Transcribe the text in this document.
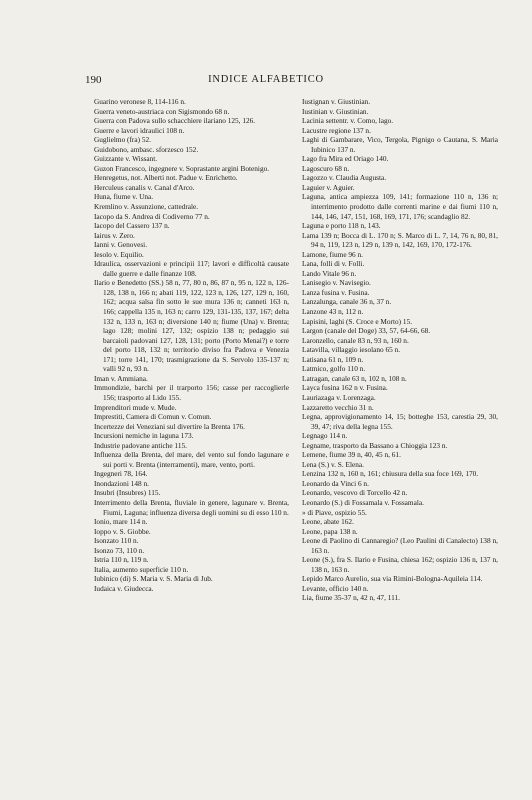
190	INDICE ALFABETICO
Guarino veronese 8, 114-116 n.
Guerra veneto-austriaca con Sigismondo 68 n.
Guerra con Padova sullo schacchiere ilariano 125, 126.
Guerre e lavori idraulici 108 n.
Guglielmo (fra) 52.
Guidobono, ambasc. sforzesco 152.
Guizzante v. Wissant.
Guzon Francesco, ingegnere v. Soprastante argini Botenigo.
Henregetus, not. Alberti not. Padue v. Enrichetto.
Herculeus canalis v. Canal d'Arco.
Huna, fiume v. Una.
Kremlino v. Assunzione, cattedrale.
Iacopo da S. Andrea di Codiverno 77 n.
Iacopo del Cassero 137 n.
Iairus v. Zero.
Ianni v. Genovesi.
Iesolo v. Equilio.
Idraulica, osservazioni e principii 117; lavori e difficoltà causate dalle guerre e dalle finanze 108.
Ilario e Benedetto (SS.) 58 n, 77, 80 n, 86, 87 n, 95 n, 122 n, 126-128, 138 n, 166 n; abati 119, 122, 123 n, 126, 127, 129 n, 160, 162; acqua salsa fin sotto le sue mura 136 n; canneti 163 n, 166; cappella 135 n, 163 n; carro 129, 131-135, 137, 167; delta 132 n, 133 n, 163 n; diversione 140 n; fiume (Una) v. Brenta; lago 128; molini 127, 132; ospizio 138 n; pedaggio sui barcaioli padovani 127, 128, 131; porto (Porto Menai?) e torre del porto 118, 132 n; territorio diviso fra Padova e Venezia 171; torre 141, 170; trasmigrazione da S. Servolo 135-137 n; valli 92 n, 93 n.
Iman v. Ammiana.
Immondizie, barchi per il trarporto 156; casse per raccoglierle 156; trasporto al Lido 155.
Imprenditori mude v. Mude.
Imprestiti, Camera di Comun v. Comun.
Incertezze dei Veneziani sul divertire la Brenta 176.
Incursioni nemiche in laguna 173.
Industrie padovane antiche 115.
Influenza della Brenta, del mare, del vento sul fondo lagunare e sui porti v. Brenta (interramenti), mare, vento, porti.
Ingegneri 78, 164.
Inondazioni 148 n.
Insubri (Insubres) 115.
Interrimento della Brenta, fluviale in genere, lagunare v. Brenta, Fiumi, Laguna; influenza diversa degli uomini su di esso 110 n.
Ionio, mare 114 n.
Ioppo v. S. Giobbe.
Isonzato 110 n.
Isonzo 73, 110 n.
Istria 110 n, 119 n.
Italia, aumento superficie 110 n.
Iubinico (di) S. Maria v. S. Maria di Jub.
Iudaica v. Giudecca.
Iustignan v. Giustinian.
Iustinian v. Giustinian.
Lacinia settentr. v. Como, lago.
Lacustre regione 137 n.
Laghi di Gambarare, Vico, Tergola, Pignigo o Cautana, S. Maria Iubinico 137 n.
Lago fra Mira ed Oriago 140.
Lagoscuro 68 n.
Lagozzo v. Claudia Augusta.
Laguier v. Aguier.
Laguna, antica ampiezza 109, 141; formazione 110 n, 136 n; interrimento prodotto dalle correnti marine e dai fiumi 110 n, 144, 146, 147, 151, 168, 169, 171, 176; scandaglio 82.
Laguna e porto 118 n, 143.
Lama 139 n; Bocca di L. 170 n; S. Marco di L. 7, 14, 76 n, 80, 81, 94 n, 119, 123 n, 129 n, 139 n, 142, 169, 170, 172-176.
Lamone, fiume 96 n.
Lana, folli di v. Folli.
Lando Vitale 96 n.
Lanisegio v. Navisegio.
Lanza fusina v. Fusina.
Lanzalunga, canale 36 n, 37 n.
Lanzone 43 n, 112 n.
Lapisini, laghi (S. Croce e Morto) 15.
Largon (canale del Doge) 33, 57, 64-66, 68.
Laronzello, canale 83 n, 93 n, 160 n.
Latavilla, villaggio iesolano 65 n.
Latisana 61 n, 109 n.
Latmico, golfo 110 n.
Latragan, canale 63 n, 102 n, 108 n.
Layca fusina 162 n v. Fusina.
Lauriazaga v. Lorenzaga.
Lazzaretto vecchio 31 n.
Legna, approvigionamento 14, 15; botteghe 153, carestia 29, 30, 39, 47; riva della legna 155.
Legnago 114 n.
Legname, trasporto da Bassano a Chioggia 123 n.
Lemene, fiume 39 n, 40, 45 n, 61.
Lena (S.) v. S. Elena.
Lenzina 132 n, 160 n, 161; chiusura della sua foce 169, 170.
Leonardo da Vinci 6 n.
Leonardo, vescovo di Torcello 42 n.
Leonardo (S.) di Fossamala v. Fossamala.
» di Piave, ospizio 55.
Leone, abate 162.
Leone, papa 138 n.
Leone di Paolino di Cannaregio? (Leo Paulini di Canalecto) 138 n, 163 n.
Leone (S.), fra S. Ilario e Fusina, chiesa 162; ospizio 136 n, 137 n, 138 n, 163 n.
Lepido Marco Aurelio, sua via Rimini-Bologna-Aquileia 114.
Levante, officio 140 n.
Lia, fiume 35-37 n, 42 n, 47, 111.
